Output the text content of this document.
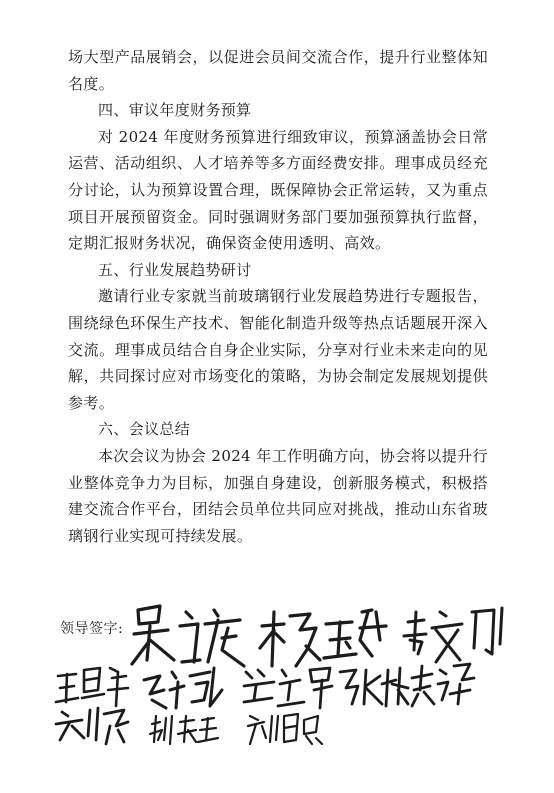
场大型产品展销会，以促进会员间交流合作，提升行业整体知名度。

四、审议年度财务预算

对 2024 年度财务预算进行细致审议，预算涵盖协会日常运营、活动组织、人才培养等多方面经费安排。理事成员经充分讨论，认为预算设置合理，既保障协会正常运转，又为重点项目开展预留资金。同时强调财务部门要加强预算执行监督，定期汇报财务状况，确保资金使用透明、高效。

五、行业发展趋势研讨

邀请行业专家就当前玻璃钢行业发展趋势进行专题报告，围绕绿色环保生产技术、智能化制造升级等热点话题展开深入交流。理事成员结合自身企业实际，分享对行业未来走向的见解，共同探讨应对市场变化的策略，为协会制定发展规划提供参考。

六、会议总结

本次会议为协会 2024 年工作明确方向，协会将以提升行业整体竞争力为目标，加强自身建设，创新服务模式，积极搭建交流合作平台，团结会员单位共同应对挑战，推动山东省玻璃钢行业实现可持续发展。

领导签字:
